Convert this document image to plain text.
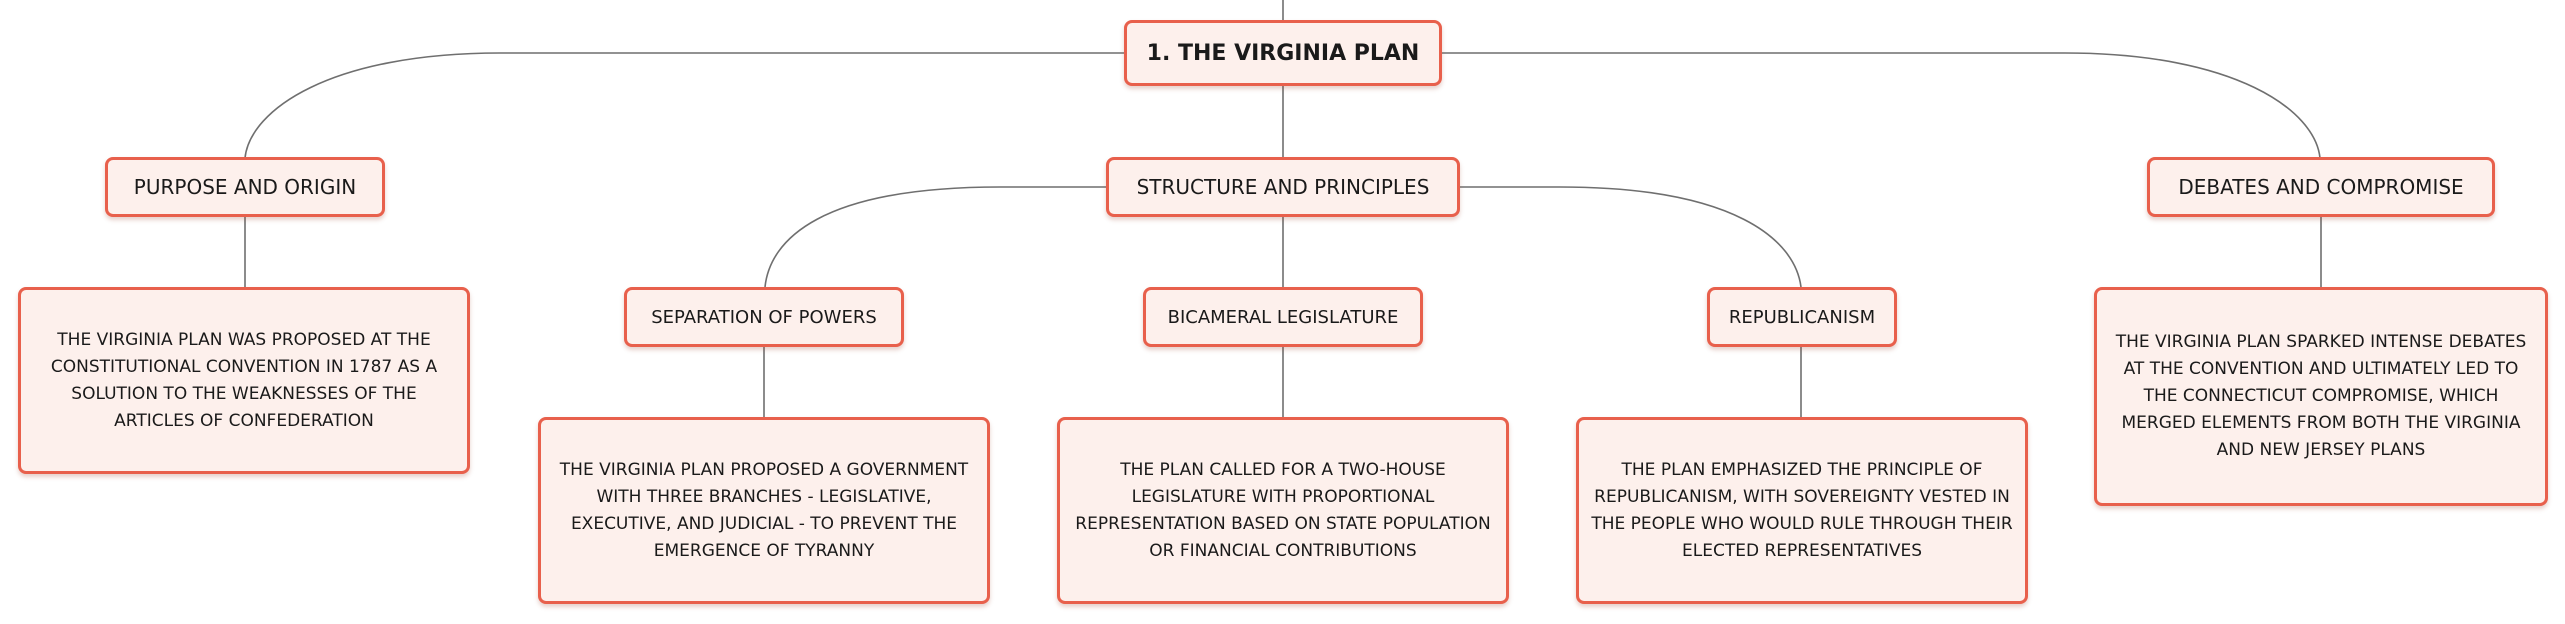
1. THE VIRGINIA PLAN
PURPOSE AND ORIGIN	STRUCTURE AND PRINCIPLES	DEBATES AND COMPROMISE
SEPARATION OF POWERS	BICAMERAL LEGISLATURE	REPUBLICANISM
THE VIRGINIA PLAN WAS PROPOSED AT THE CONSTITUTIONAL CONVENTION IN 1787 AS A SOLUTION TO THE WEAKNESSES OF THE ARTICLES OF CONFEDERATION
THE VIRGINIA PLAN PROPOSED A GOVERNMENT WITH THREE BRANCHES - LEGISLATIVE, EXECUTIVE, AND JUDICIAL - TO PREVENT THE EMERGENCE OF TYRANNY
THE PLAN CALLED FOR A TWO-HOUSE LEGISLATURE WITH PROPORTIONAL REPRESENTATION BASED ON STATE POPULATION OR FINANCIAL CONTRIBUTIONS
THE PLAN EMPHASIZED THE PRINCIPLE OF REPUBLICANISM, WITH SOVEREIGNTY VESTED IN THE PEOPLE WHO WOULD RULE THROUGH THEIR ELECTED REPRESENTATIVES
THE VIRGINIA PLAN SPARKED INTENSE DEBATES AT THE CONVENTION AND ULTIMATELY LED TO THE CONNECTICUT COMPROMISE, WHICH MERGED ELEMENTS FROM BOTH THE VIRGINIA AND NEW JERSEY PLANS
